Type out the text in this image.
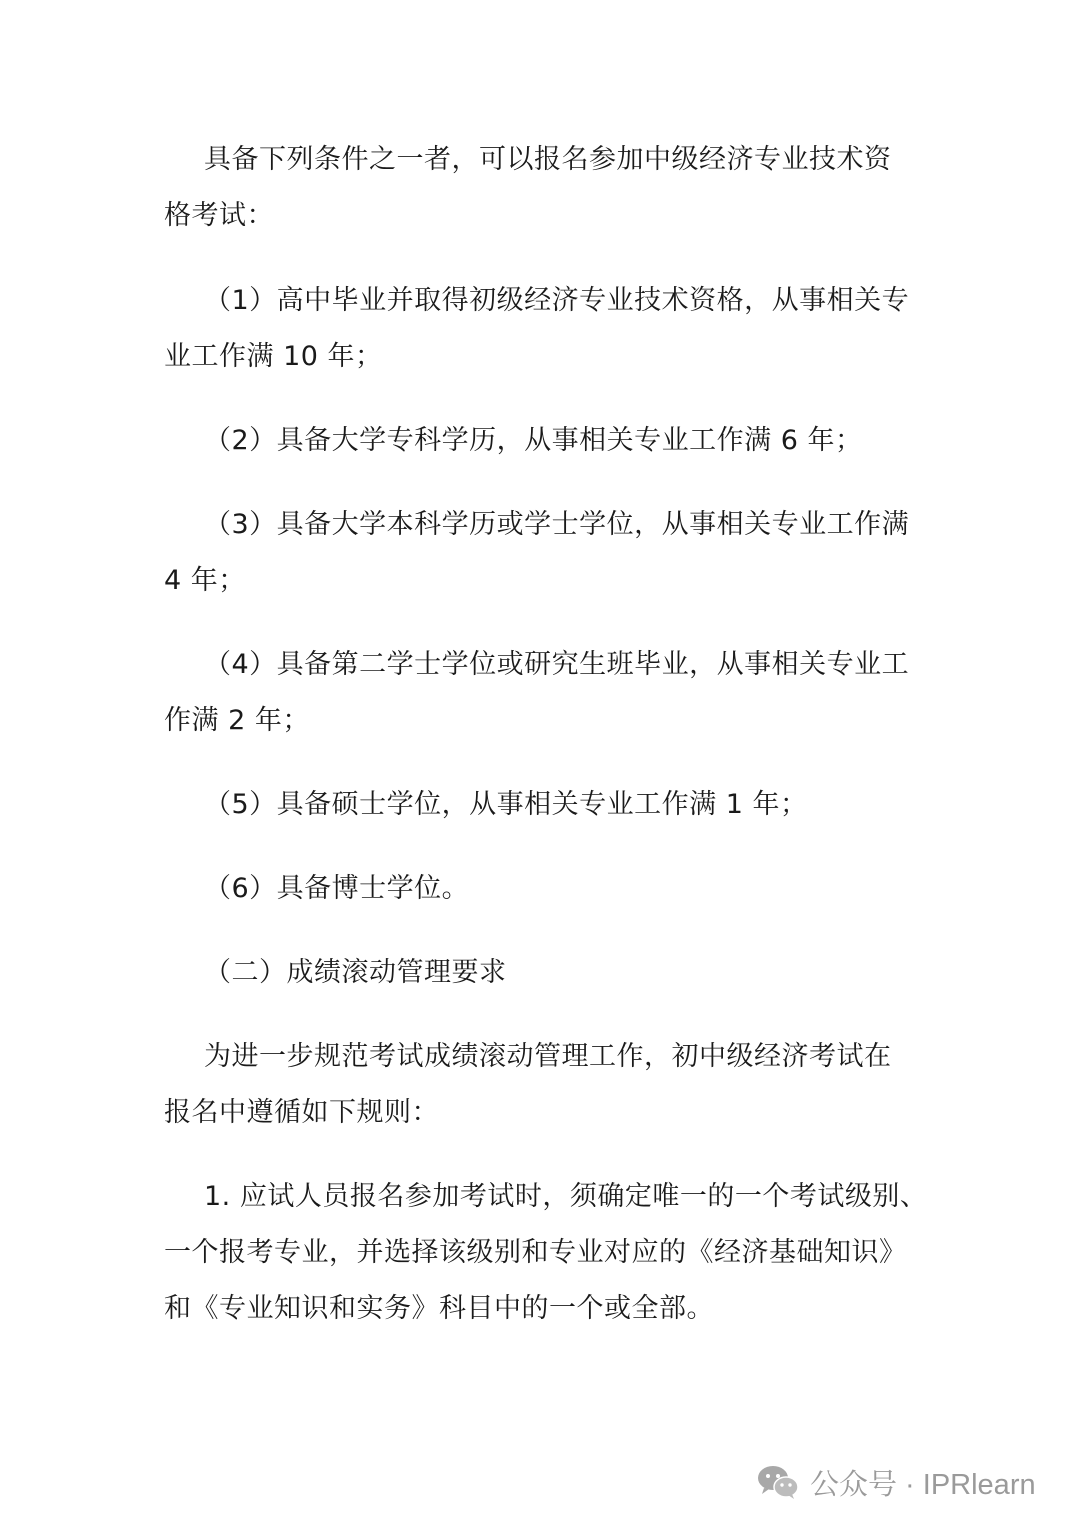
具备下列条件之一者，可以报名参加中级经济专业技术资
格考试：
（1）高中毕业并取得初级经济专业技术资格，从事相关专
业工作满 10 年；
（2）具备大学专科学历，从事相关专业工作满 6 年；
（3）具备大学本科学历或学士学位，从事相关专业工作满
4 年；
（4）具备第二学士学位或研究生班毕业，从事相关专业工
作满 2 年；
（5）具备硕士学位，从事相关专业工作满 1 年；
（6）具备博士学位。
（二）成绩滚动管理要求
为进一步规范考试成绩滚动管理工作，初中级经济考试在
报名中遵循如下规则：
1. 应试人员报名参加考试时，须确定唯一的一个考试级别、
一个报考专业，并选择该级别和专业对应的《经济基础知识》
和《专业知识和实务》科目中的一个或全部。
公众号 · IPRlearn
